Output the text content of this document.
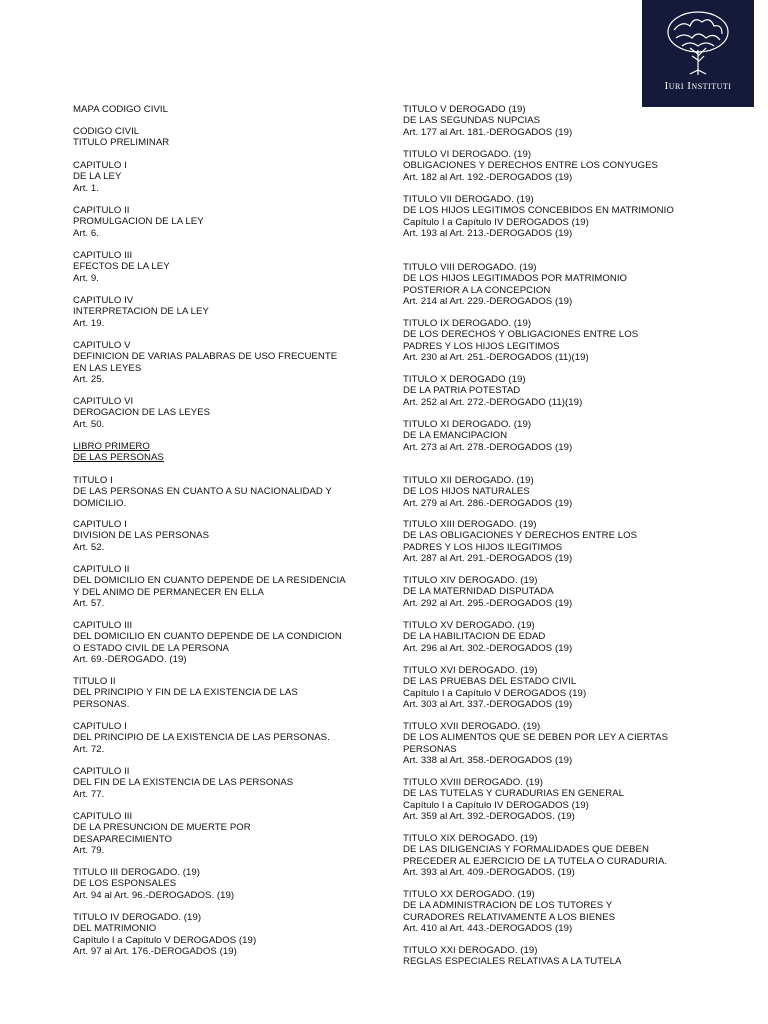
Iuri Instituti
MAPA CODIGO CIVIL
CODIGO CIVIL
TITULO PRELIMINAR
CAPITULO I
DE LA LEY
Art. 1.
CAPITULO II
PROMULGACION DE LA LEY
Art. 6.
CAPITULO III
EFECTOS DE LA LEY
Art. 9.
CAPITULO IV
INTERPRETACION DE LA LEY
Art. 19.
CAPITULO V
DEFINICION DE VARIAS PALABRAS DE USO FRECUENTE
EN LAS LEYES
Art. 25.
CAPITULO VI
DEROGACION DE LAS LEYES
Art. 50.
LIBRO PRIMERO
DE LAS PERSONAS
TITULO I
DE LAS PERSONAS EN CUANTO A SU NACIONALIDAD Y
DOMICILIO.
CAPITULO I
DIVISION DE LAS PERSONAS
Art. 52.
CAPITULO II
DEL DOMICILIO EN CUANTO DEPENDE DE LA RESIDENCIA
Y DEL ANIMO DE PERMANECER EN ELLA
Art. 57.
CAPITULO III
DEL DOMICILIO EN CUANTO DEPENDE DE LA CONDICION
O ESTADO CIVIL DE LA PERSONA
Art. 69.-DEROGADO. (19)
TITULO II
DEL PRINCIPIO Y FIN DE LA EXISTENCIA DE LAS
PERSONAS.
CAPITULO I
DEL PRINCIPIO DE LA EXISTENCIA DE LAS PERSONAS.
Art. 72.
CAPITULO II
DEL FIN DE LA EXISTENCIA DE LAS PERSONAS
Art. 77.
CAPITULO III
DE LA PRESUNCION DE MUERTE POR
DESAPARECIMIENTO
Art. 79.
TITULO III DEROGADO. (19)
DE LOS ESPONSALES
Art. 94 al Art. 96.-DEROGADOS. (19)
TITULO IV DEROGADO. (19)
DEL MATRIMONIO
Capítulo I a Capítulo V DEROGADOS (19)
Art. 97 al Art. 176.-DEROGADOS (19)
TITULO V DEROGADO (19)
DE LAS SEGUNDAS NUPCIAS
Art. 177 al Art. 181.-DEROGADOS (19)
TITULO VI DEROGADO. (19)
OBLIGACIONES Y DERECHOS ENTRE LOS CONYUGES
Art. 182 al Art. 192.-DEROGADOS (19)
TITULO VII DEROGADO. (19)
DE LOS HIJOS LEGITIMOS CONCEBIDOS EN MATRIMONIO
Capítulo I a Capítulo IV DEROGADOS (19)
Art. 193 al Art. 213.-DEROGADOS (19)
TITULO VIII DEROGADO. (19)
DE LOS HIJOS LEGITIMADOS POR MATRIMONIO
POSTERIOR A LA CONCEPCION
Art. 214 al Art. 229.-DEROGADOS (19)
TITULO IX DEROGADO. (19)
DE LOS DERECHOS Y OBLIGACIONES ENTRE LOS
PADRES Y LOS HIJOS LEGITIMOS
Art. 230 al Art. 251.-DEROGADOS (11)(19)
TITULO X DEROGADO (19)
DE LA PATRIA POTESTAD
Art. 252 al Art. 272.-DEROGADO (11)(19)
TITULO XI DEROGADO. (19)
DE LA EMANCIPACION
Art. 273 al Art. 278.-DEROGADOS (19)
TITULO XII DEROGADO. (19)
DE LOS HIJOS NATURALES
Art. 279 al Art. 286.-DEROGADOS (19)
TITULO XIII DEROGADO. (19)
DE LAS OBLIGACIONES Y DERECHOS ENTRE LOS
PADRES Y LOS HIJOS ILEGITIMOS
Art. 287 al Art. 291.-DEROGADOS (19)
TITULO XIV DEROGADO. (19)
DE LA MATERNIDAD DISPUTADA
Art. 292 al Art. 295.-DEROGADOS (19)
TITULO XV DEROGADO. (19)
DE LA HABILITACION DE EDAD
Art. 296 al Art. 302.-DEROGADOS (19)
TITULO XVI DEROGADO. (19)
DE LAS PRUEBAS DEL ESTADO CIVIL
Capítulo I a Capítulo V DEROGADOS (19)
Art. 303 al Art. 337.-DEROGADOS (19)
TITULO XVII DEROGADO. (19)
DE LOS ALIMENTOS QUE SE DEBEN POR LEY A CIERTAS
PERSONAS
Art. 338 al Art. 358.-DEROGADOS (19)
TITULO XVIII DEROGADO. (19)
DE LAS TUTELAS Y CURADURIAS EN GENERAL
Capítulo I a Capítulo IV DEROGADOS (19)
Art. 359 al Art. 392.-DEROGADOS. (19)
TITULO XIX DEROGADO. (19)
DE LAS DILIGENCIAS Y FORMALIDADES QUE DEBEN
PRECEDER AL EJERCICIO DE LA TUTELA O CURADURIA.
Art. 393 al Art. 409.-DEROGADOS. (19)
TITULO XX DEROGADO. (19)
DE LA ADMINISTRACION DE LOS TUTORES Y
CURADORES RELATIVAMENTE A LOS BIENES
Art. 410 al Art. 443.-DEROGADOS (19)
TITULO XXI DEROGADO. (19)
REGLAS ESPECIALES RELATIVAS A LA TUTELA
